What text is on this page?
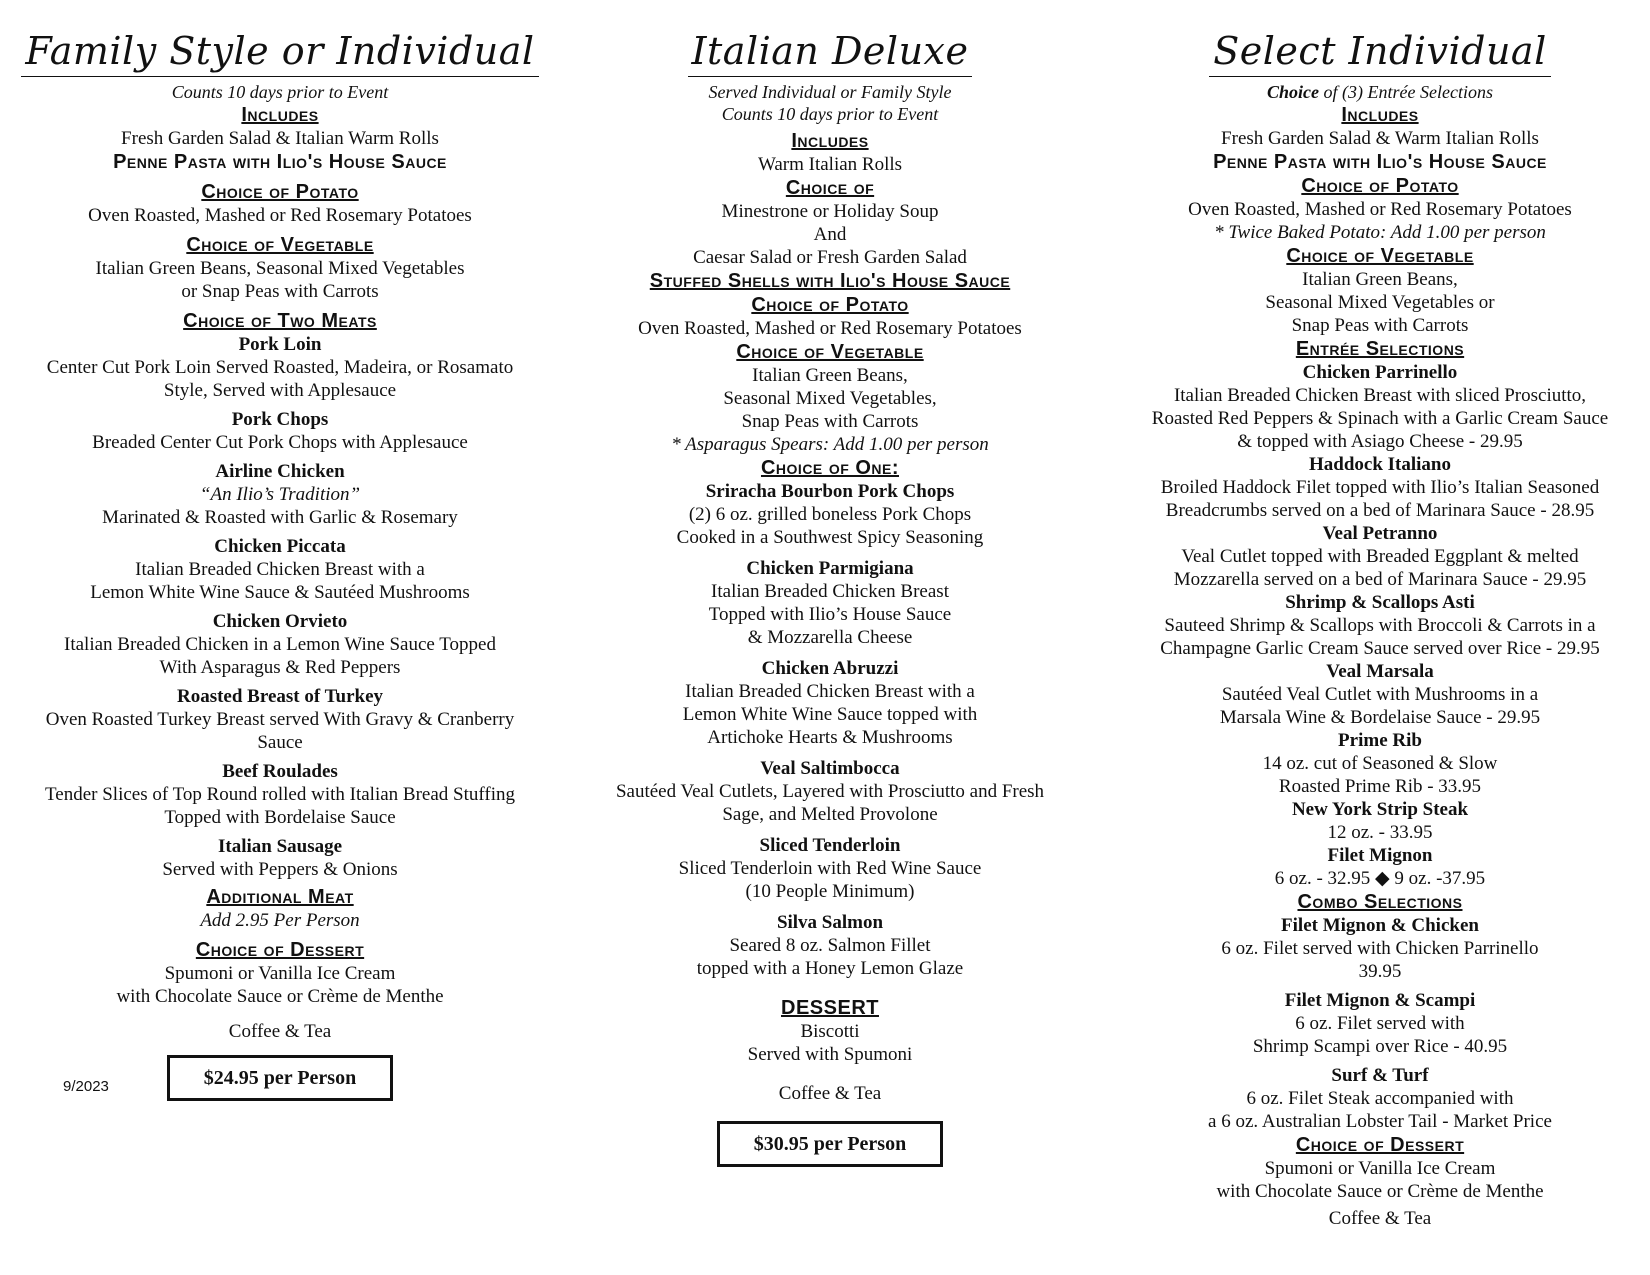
Family Style or Individual
Counts 10 days prior to Event
Includes
Fresh Garden Salad & Italian Warm Rolls
Penne Pasta with Ilio's House Sauce
Choice of Potato
Oven Roasted, Mashed or Red Rosemary Potatoes
Choice of Vegetable
Italian Green Beans, Seasonal Mixed Vegetables
or Snap Peas with Carrots
Choice of Two Meats
Pork Loin
Center Cut Pork Loin Served Roasted, Madeira, or Rosamato
Style, Served with Applesauce
Pork Chops
Breaded Center Cut Pork Chops with Applesauce
Airline Chicken
“An Ilio’s Tradition”
Marinated & Roasted with Garlic & Rosemary
Chicken Piccata
Italian Breaded Chicken Breast with a
Lemon White Wine Sauce & Sautéed Mushrooms
Chicken Orvieto
Italian Breaded Chicken in a Lemon Wine Sauce Topped
With Asparagus & Red Peppers
Roasted Breast of Turkey
Oven Roasted Turkey Breast served With Gravy & Cranberry
Sauce
Beef Roulades
Tender Slices of Top Round rolled with Italian Bread Stuffing
Topped with Bordelaise Sauce
Italian Sausage
Served with Peppers & Onions
Additional Meat
Add 2.95 Per Person
Choice of Dessert
Spumoni or Vanilla Ice Cream
with Chocolate Sauce or Crème de Menthe
Coffee & Tea
$24.95 per Person
9/2023
Italian Deluxe
Served Individual or Family Style
Counts 10 days prior to Event
Includes
Warm Italian Rolls
Choice of
Minestrone or Holiday Soup
And
Caesar Salad or Fresh Garden Salad
Stuffed Shells with Ilio's House Sauce
Choice of Potato
Oven Roasted, Mashed or Red Rosemary Potatoes
Choice of Vegetable
Italian Green Beans,
Seasonal Mixed Vegetables,
Snap Peas with Carrots
* Asparagus Spears: Add 1.00 per person
Choice of One:
Sriracha Bourbon Pork Chops
(2) 6 oz. grilled boneless Pork Chops
Cooked in a Southwest Spicy Seasoning
Chicken Parmigiana
Italian Breaded Chicken Breast
Topped with Ilio’s House Sauce
& Mozzarella Cheese
Chicken Abruzzi
Italian Breaded Chicken Breast with a
Lemon White Wine Sauce topped with
Artichoke Hearts & Mushrooms
Veal Saltimbocca
Sautéed Veal Cutlets, Layered with Prosciutto and Fresh
Sage, and Melted Provolone
Sliced Tenderloin
Sliced Tenderloin with Red Wine Sauce
(10 People Minimum)
Silva Salmon
Seared 8 oz. Salmon Fillet
topped with a Honey Lemon Glaze
DESSERT
Biscotti
Served with Spumoni
Coffee & Tea
$30.95 per Person
Select Individual
Choice of (3) Entrée Selections
Includes
Fresh Garden Salad & Warm Italian Rolls
Penne Pasta with Ilio's House Sauce
Choice of Potato
Oven Roasted, Mashed or Red Rosemary Potatoes
* Twice Baked Potato: Add 1.00 per person
Choice of Vegetable
Italian Green Beans,
Seasonal Mixed Vegetables or
Snap Peas with Carrots
Entrée Selections
Chicken Parrinello
Italian Breaded Chicken Breast with sliced Prosciutto,
Roasted Red Peppers & Spinach with a Garlic Cream Sauce
& topped with Asiago Cheese - 29.95
Haddock Italiano
Broiled Haddock Filet topped with Ilio’s Italian Seasoned
Breadcrumbs served on a bed of Marinara Sauce - 28.95
Veal Petranno
Veal Cutlet topped with Breaded Eggplant & melted
Mozzarella served on a bed of Marinara Sauce - 29.95
Shrimp & Scallops Asti
Sauteed Shrimp & Scallops with Broccoli & Carrots in a
Champagne Garlic Cream Sauce served over Rice - 29.95
Veal Marsala
Sautéed Veal Cutlet with Mushrooms in a
Marsala Wine & Bordelaise Sauce - 29.95
Prime Rib
14 oz. cut of Seasoned & Slow
Roasted Prime Rib - 33.95
New York Strip Steak
12 oz. - 33.95
Filet Mignon
6 oz. - 32.95 ◆ 9 oz. -37.95
Combo Selections
Filet Mignon & Chicken
6 oz. Filet served with Chicken Parrinello
39.95
Filet Mignon & Scampi
6 oz. Filet served with
Shrimp Scampi over Rice - 40.95
Surf & Turf
6 oz. Filet Steak accompanied with
a 6 oz. Australian Lobster Tail - Market Price
Choice of Dessert
Spumoni or Vanilla Ice Cream
with Chocolate Sauce or Crème de Menthe
Coffee & Tea
